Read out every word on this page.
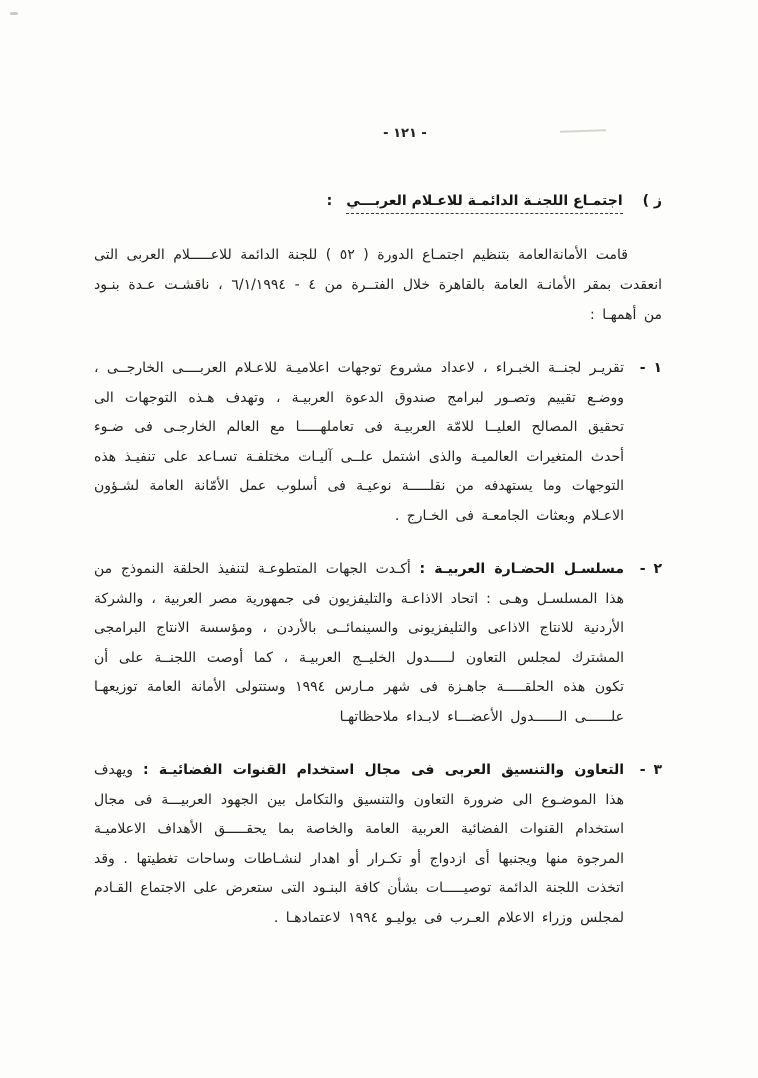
- ١٢١ -
ز )
اجتمـاع اللجنـة الدائمـة للاعـلام العربـــي
:

قامت الأمانةالعامة بتنظيم اجتمـاع الدورة ( ٥٢ ) للجنة الدائمة للاعـــــلام العربى التى انعقدت بمقر الأمانـة العامة بالقاهرة خلال الفتــرة من ٤ - ٦/١/١٩٩٤ ، ناقشـت عـدة بنـود من أهمهـا :

١ -
تقريـر لجنــة الخبـراء ، لاعداد مشروع توجهات اعلاميـة للاعـلام العربــــى الخارجــى ، ووضـع تقييم وتصـور لبرامج صندوق الدعوة العربيـة ، وتهدف هـذه التوجهات الى تحقيق المصالح العليــا للامّة العربيـة فى تعاملهـــــا مع العالم الخارجـى فى ضـوء أحدث المتغيرات العالميـة والذى اشتمل علــى آليـات مختلفـة تسـاعد على تنفيـذ هذه التوجهات وما يستهدفه من نقلـــــة نوعيـة فى أسلوب عمل الأمّانة العامة لشـؤون الاعـلام وبعثات الجامعـة فى الخـارج .
٢ -
مسلسـل الحضـارة العربيـة : أكـدت الجهات المتطوعـة لتنفيذ الحلقة النموذج من هذا المسلسـل وهـى : اتحاد الاذاعـة والتليفزيون فى جمهورية مصر العربية ، والشركة الأردنية للانتاج الاذاعى والتليفزيونى والسينمائــى بالأردن ، ومؤسسة الانتاج البرامجى المشترك لمجلس التعاون لـــــدول الخليــج العربيـة ، كما أوصت اللجنــة على أن تكون هذه الحلقـــــة جاهـزة فى شهر مـارس ١٩٩٤ وستتولى الأمانة العامة توزيعهـا علــــــى الــــــدول الأعضـــاء لابـداء ملاحظاتهـا
٣ -
التعاون والتنسيق العربى فى مجال استخدام القنوات الفضائيـة : ويهدف هذا الموضـوع الى ضرورة التعاون والتنسيق والتكامل بين الجهود العربيـــة فى مجال استخدام القنوات الفضائية العربية العامة والخاصة بما يحقـــــق الأهداف الاعلاميـة المرجوة منها ويجنبها أى ازدواج أو تكـرار أو اهدار لنشـاطات وساحات تغطيتها . وقد اتخذت اللجنة الدائمة توصيـــــات بشأن كافة البنـود التى ستعرض على الاجتماع القـادم لمجلس وزراء الاعلام العـرب فى يوليـو ١٩٩٤ لاعتمادهـا .
